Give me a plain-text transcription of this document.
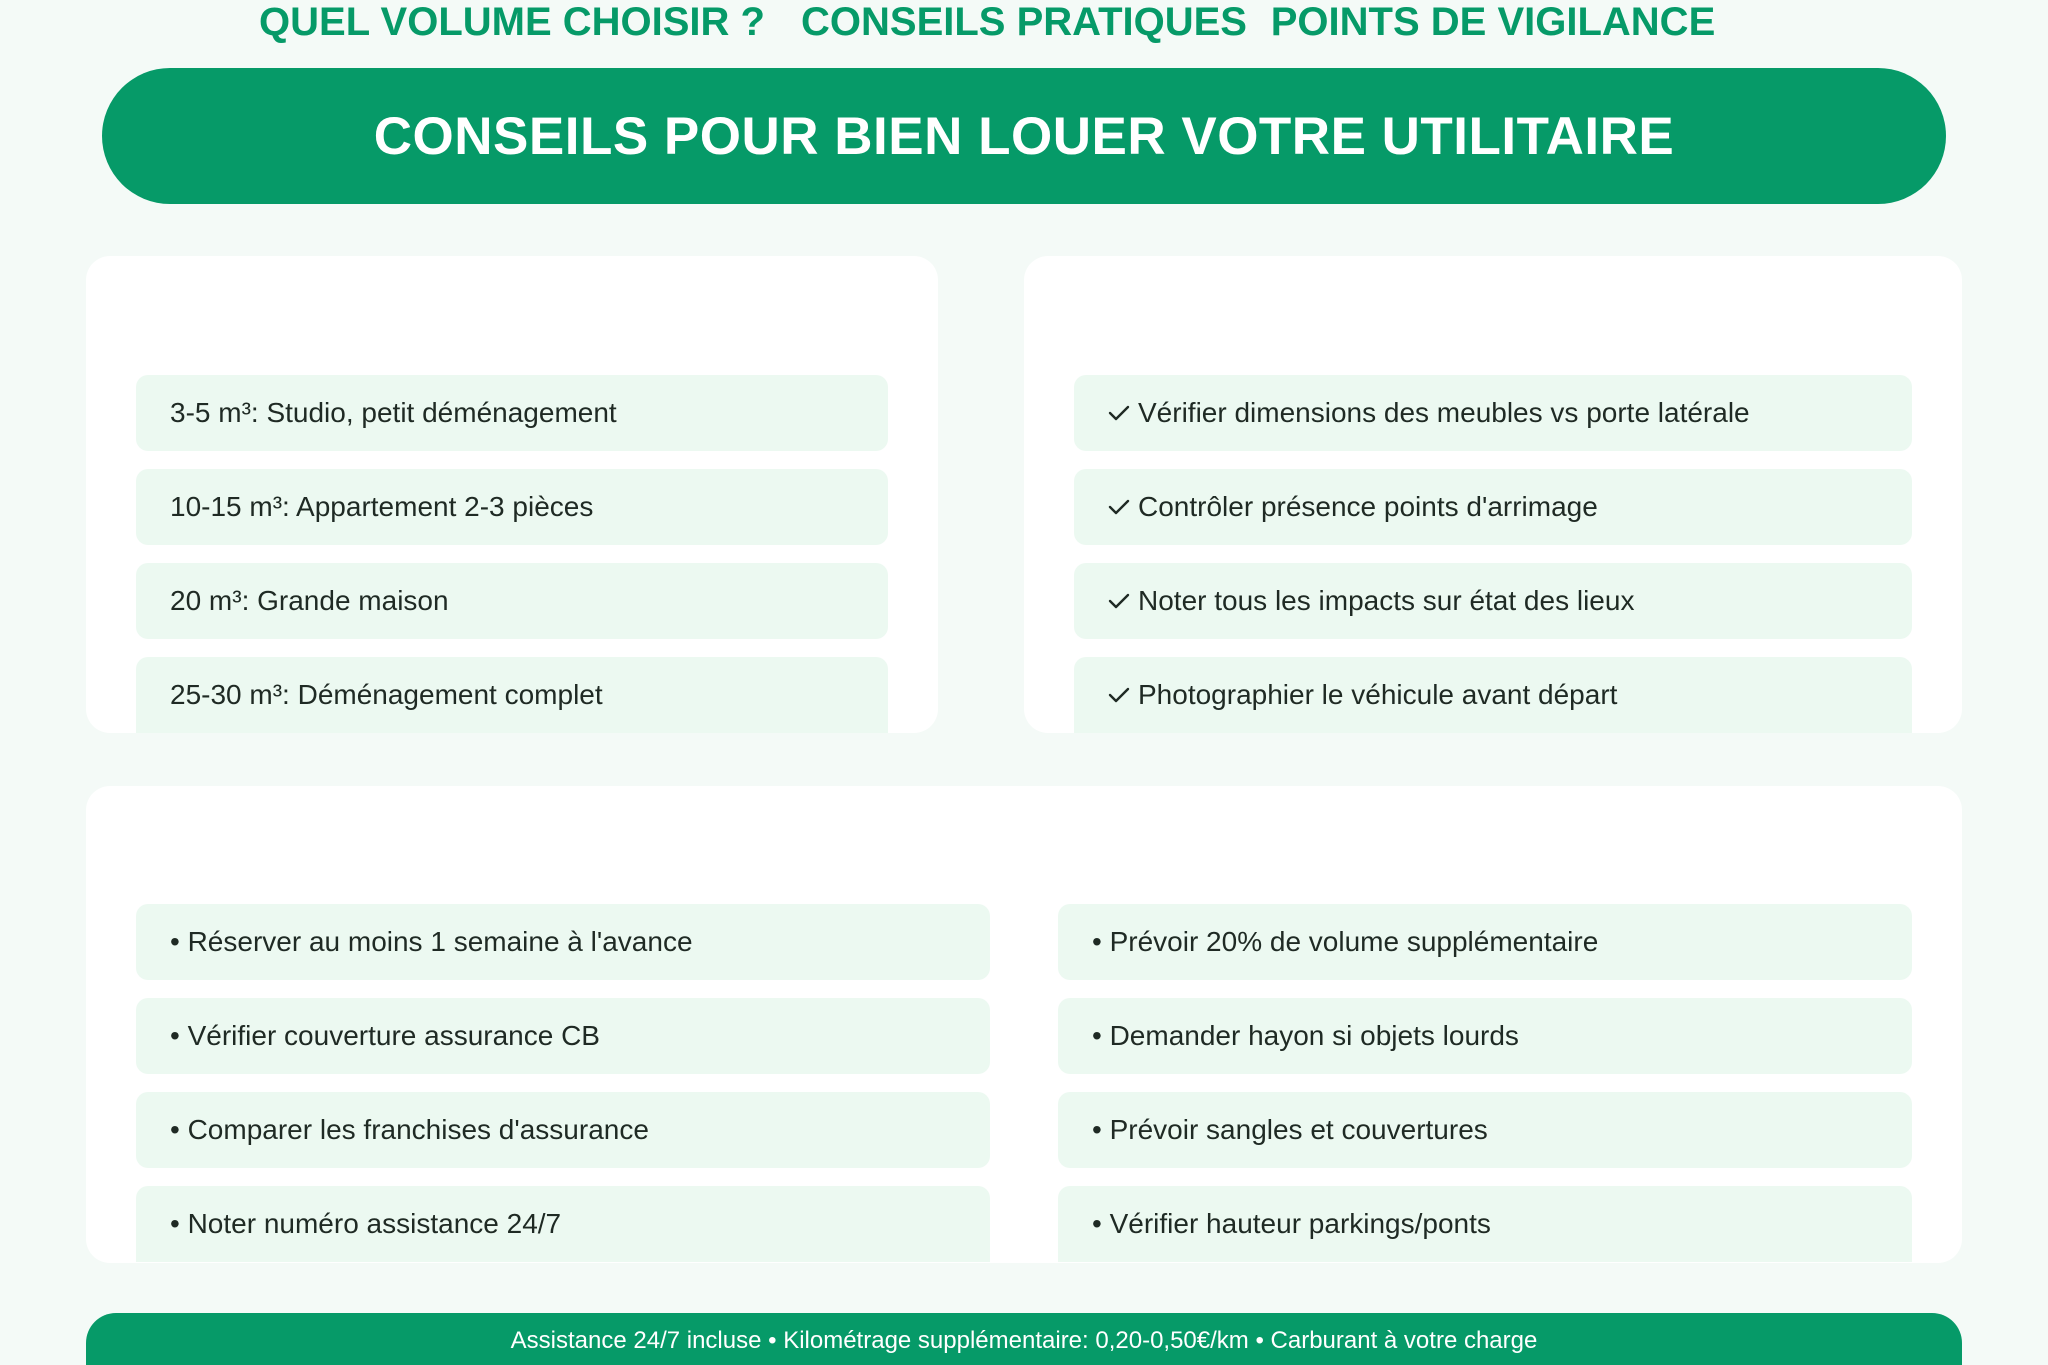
CONSEILS POUR BIEN LOUER VOTRE UTILITAIRE
QUEL VOLUME CHOISIR ?
3-5 m³: Studio, petit déménagement
10-15 m³: Appartement 2-3 pièces
20 m³: Grande maison
25-30 m³: Déménagement complet
POINTS DE VIGILANCE
Vérifier dimensions des meubles vs porte latérale
Contrôler présence points d'arrimage
Noter tous les impacts sur état des lieux
Photographier le véhicule avant départ
CONSEILS PRATIQUES
• Réserver au moins 1 semaine à l'avance
• Vérifier couverture assurance CB
• Comparer les franchises d'assurance
• Noter numéro assistance 24/7
• Prévoir 20% de volume supplémentaire
• Demander hayon si objets lourds
• Prévoir sangles et couvertures
• Vérifier hauteur parkings/ponts
Assistance 24/7 incluse • Kilométrage supplémentaire: 0,20-0,50€/km • Carburant à votre charge
